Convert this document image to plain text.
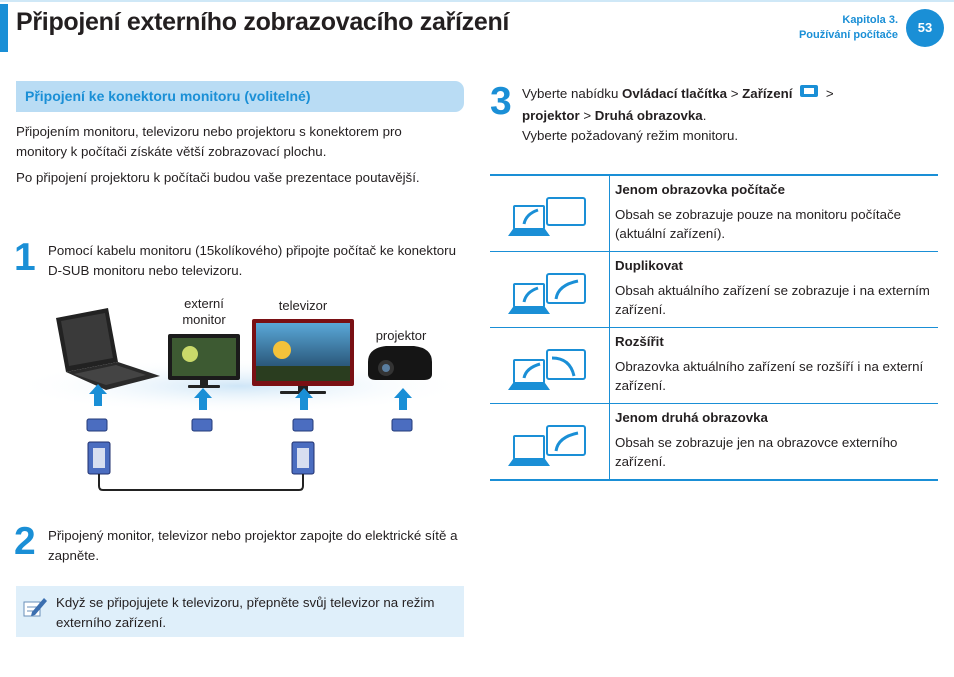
Připojení externího zobrazovacího zařízení	Kapitola 3.
Používání počítače	53
Připojení ke konektoru monitoru (volitelné)
Připojením monitoru, televizoru nebo projektoru s konektorem pro monitory k počítači získáte větší zobrazovací plochu.
Po připojení projektoru k počítači budou vaše prezentace poutavější.
1 Pomocí kabelu monitoru (15kolíkového) připojte počítač ke konektoru D-SUB monitoru nebo televizoru.
externí
monitor
televizor
projektor
2 Připojený monitor, televizor nebo projektor zapojte do elektrické sítě a zapněte.
Když se připojujete k televizoru, přepněte svůj televizor na režim externího zařízení.
3 Vyberte nabídku Ovládací tlačítka > Zařízení  >
projektor > Druhá obrazovka.
Vyberte požadovaný režim monitoru.
Jenom obrazovka počítače
Obsah se zobrazuje pouze na monitoru počítače (aktuální zařízení).
Duplikovat
Obsah aktuálního zařízení se zobrazuje i na externím zařízení.
Rozšířit
Obrazovka aktuálního zařízení se rozšíří i na externí zařízení.
Jenom druhá obrazovka
Obsah se zobrazuje jen na obrazovce externího zařízení.
